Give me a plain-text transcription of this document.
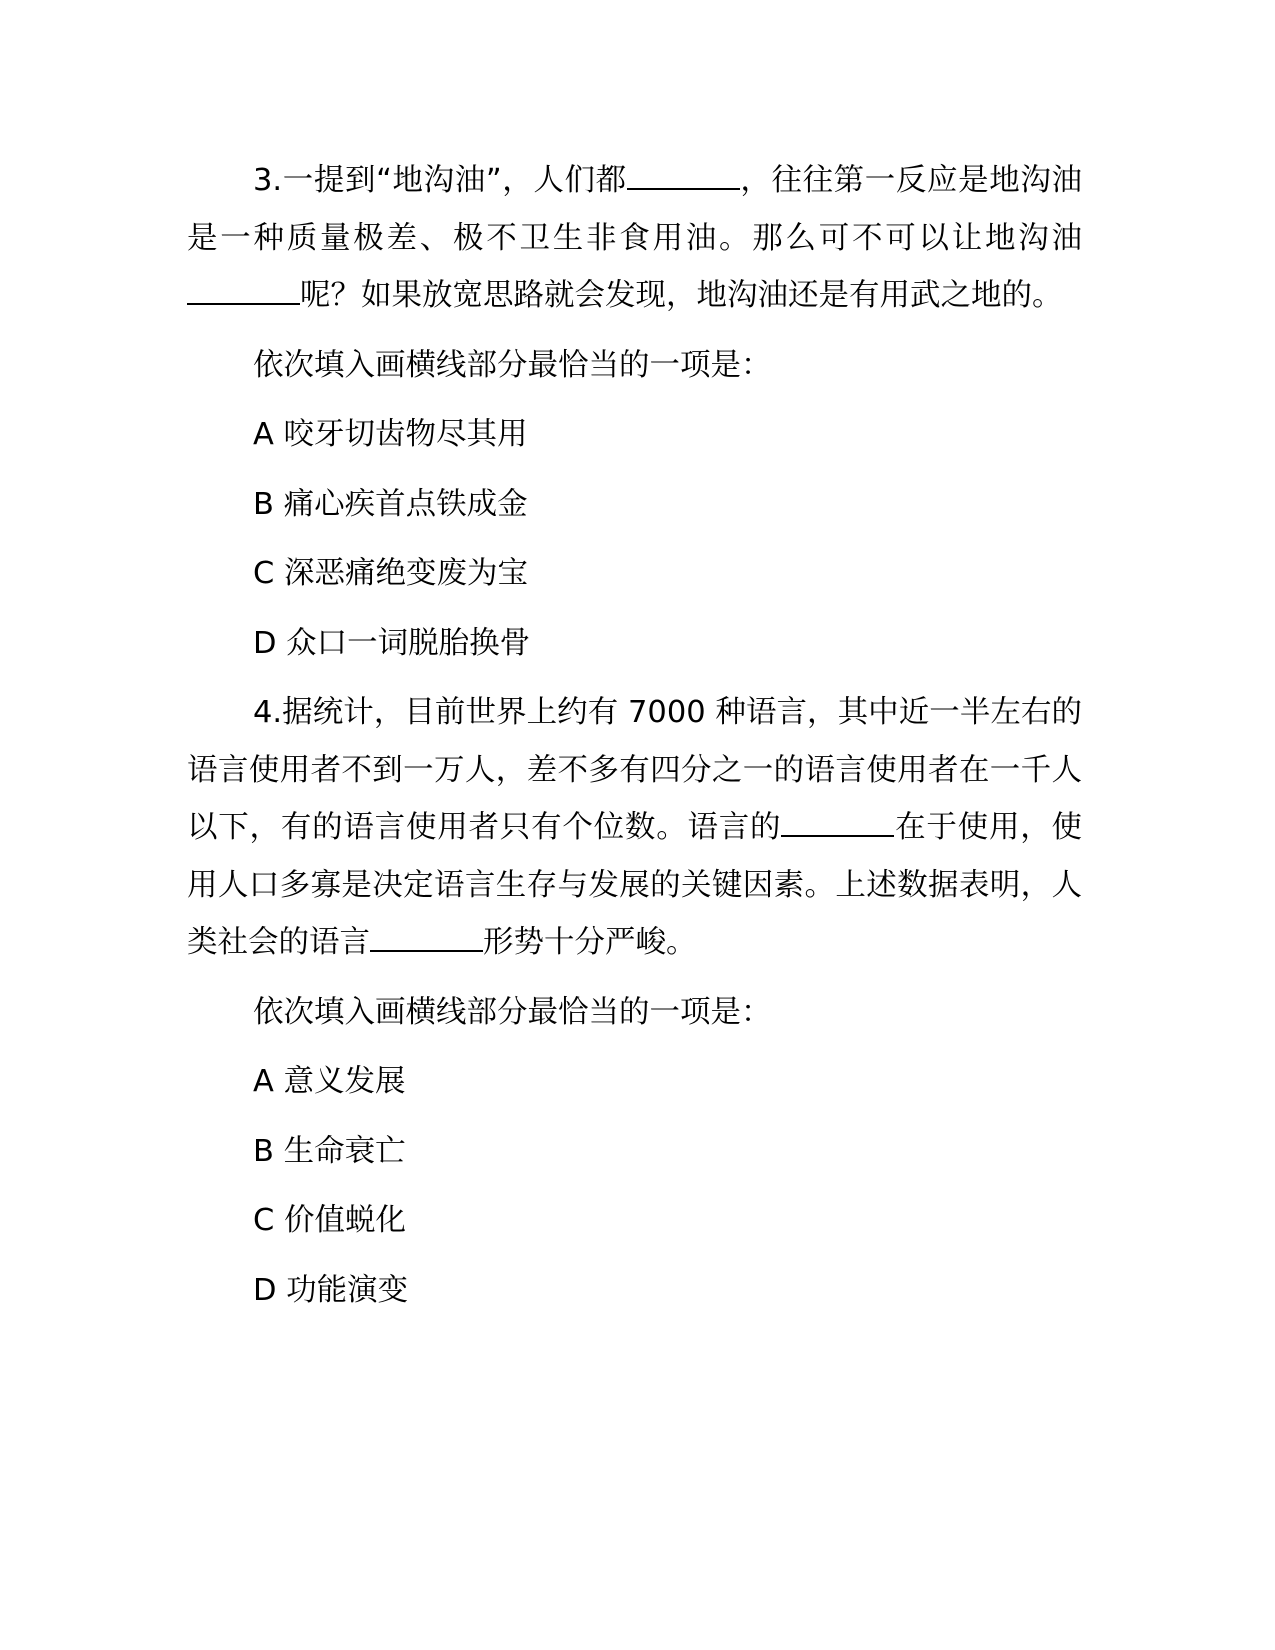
3.一提到“地沟油”，人们都	，往往第一反应是地沟油是一种质量极差、极不卫生非食用油。那么可不可以让地沟油呢？如果放宽思路就会发现，地沟油还是有用武之地的。

依次填入画横线部分最恰当的一项是：

A 咬牙切齿物尽其用

B 痛心疾首点铁成金

C 深恶痛绝变废为宝

D 众口一词脱胎换骨

4.据统计，目前世界上约有 7000 种语言，其中近一半左右的语言使用者不到一万人，差不多有四分之一的语言使用者在一千人以下，有的语言使用者只有个位数。语言的	在于使用，使用人口多寡是决定语言生存与发展的关键因素。上述数据表明，人类社会的语言	形势十分严峻。

依次填入画横线部分最恰当的一项是：

A 意义发展

B 生命衰亡

C 价值蜕化

D 功能演变
